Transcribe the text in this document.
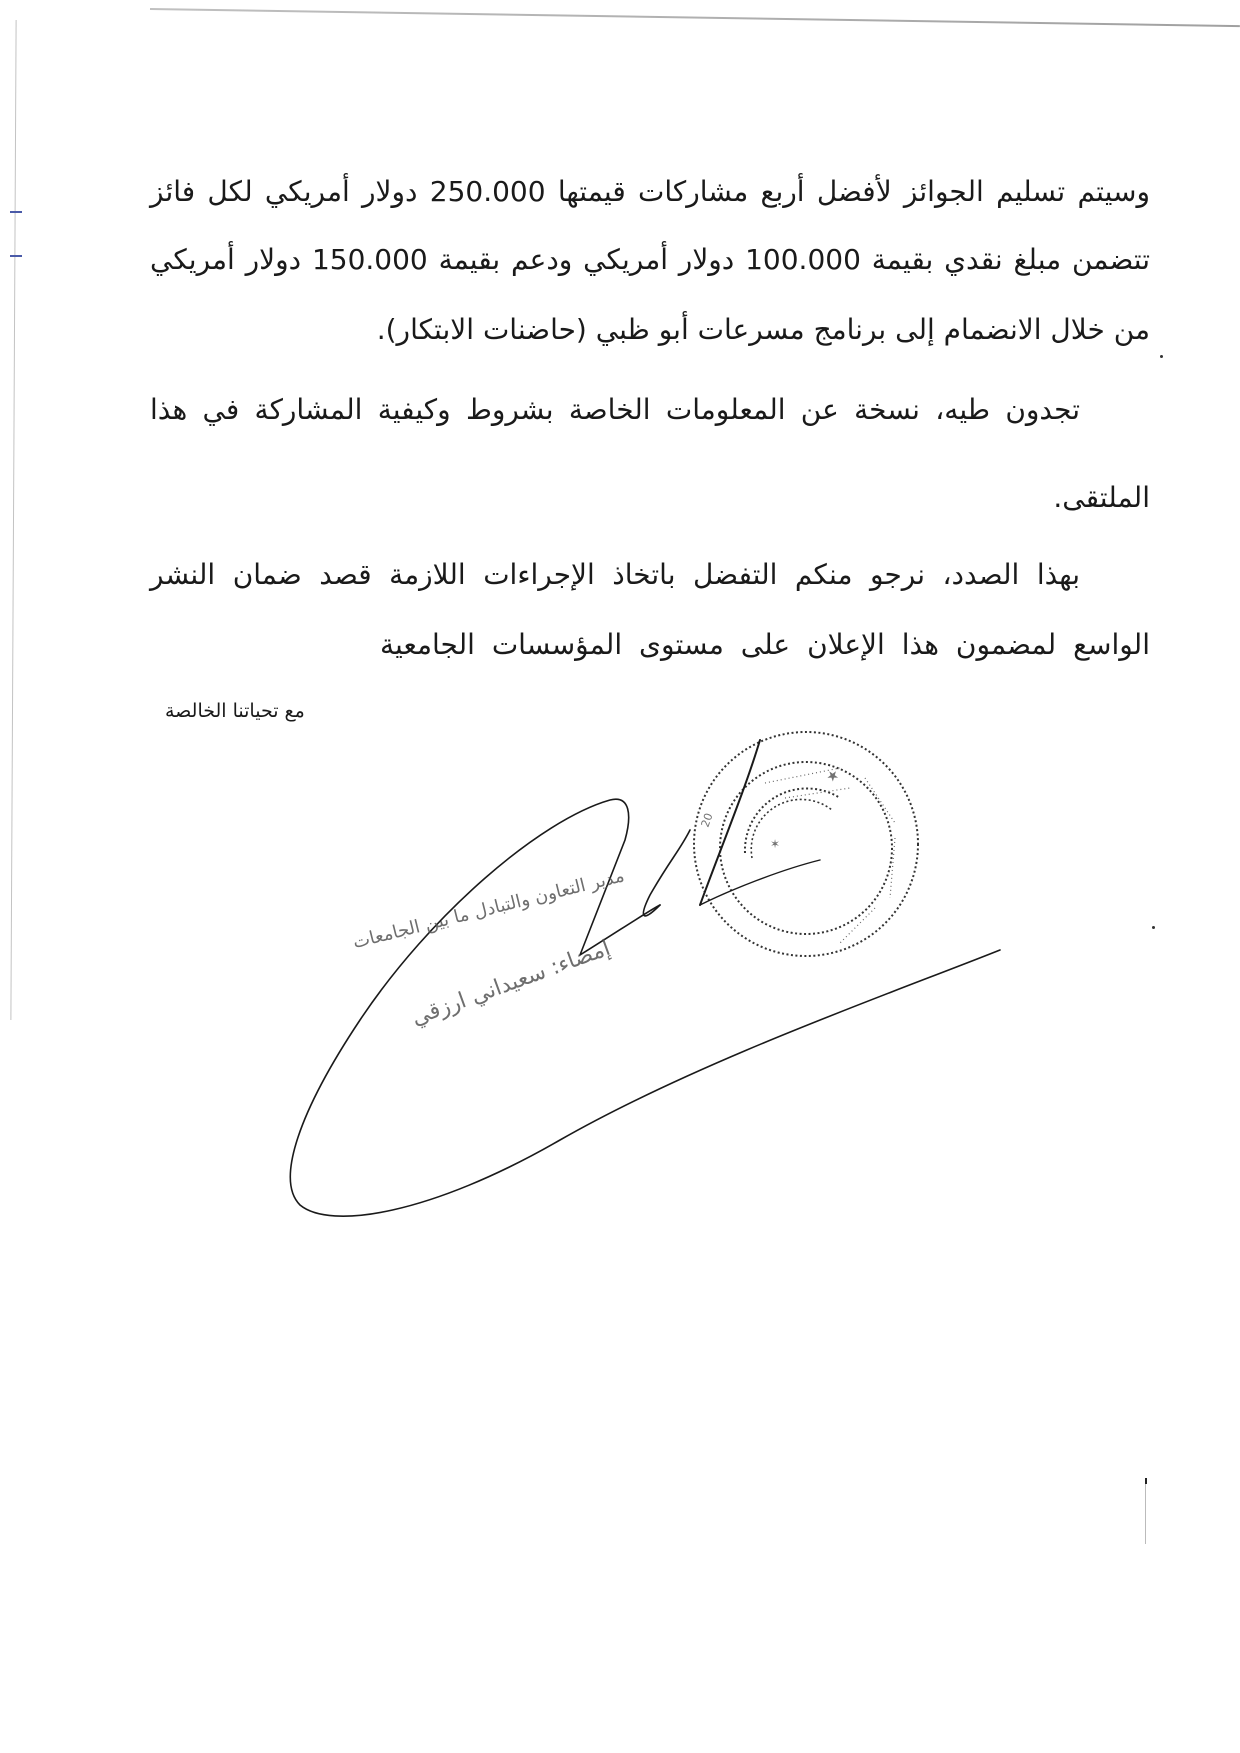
وسيتم تسليم الجوائز لأفضل أربع مشاركات قيمتها 250.000 دولار أمريكي لكل فائز
تتضمن مبلغ نقدي بقيمة 100.000 دولار أمريكي ودعم بقيمة 150.000 دولار أمريكي
من خلال الانضمام إلى برنامج مسرعات أبو ظبي (حاضنات الابتكار).
تجدون طيه، نسخة عن المعلومات الخاصة بشروط وكيفية المشاركة في هذا
الملتقى.
بهذا الصدد، نرجو منكم التفضل باتخاذ الإجراءات اللازمة قصد ضمان النشر
الواسع لمضمون هذا الإعلان على مستوى المؤسسات الجامعية
مع تحياتنا الخالصة
★
✶
20
مدير التعاون والتبادل ما بين الجامعات
إمضاء: سعيداني ارزقي
